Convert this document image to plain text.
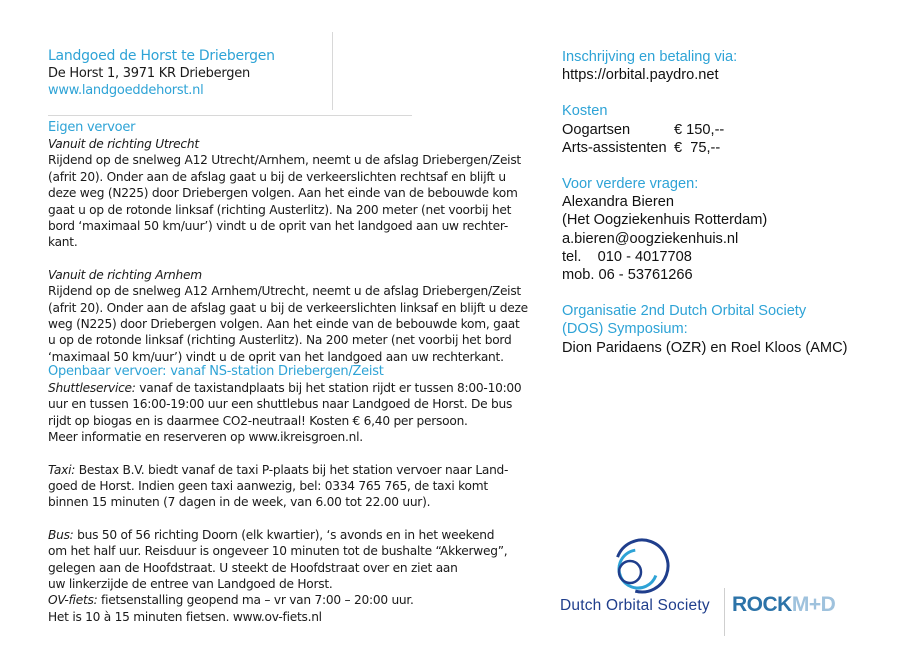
Landgoed de Horst te Driebergen
De Horst 1, 3971 KR Driebergen
www.landgoeddehorst.nl
Eigen vervoer
Vanuit de richting Utrecht
Rijdend op de snelweg A12 Utrecht/Arnhem, neemt u de afslag Driebergen/Zeist
(afrit 20). Onder aan de afslag gaat u bij de verkeerslichten rechtsaf en blijft u
deze weg (N225) door Driebergen volgen. Aan het einde van de bebouwde kom
gaat u op de rotonde linksaf (richting Austerlitz). Na 200 meter (net voorbij het
bord ‘maximaal 50 km/uur’) vindt u de oprit van het landgoed aan uw rechter-
kant.
Vanuit de richting Arnhem
Rijdend op de snelweg A12 Arnhem/Utrecht, neemt u de afslag Driebergen/Zeist
(afrit 20). Onder aan de afslag gaat u bij de verkeerslichten linksaf en blijft u deze
weg (N225) door Driebergen volgen. Aan het einde van de bebouwde kom, gaat
u op de rotonde linksaf (richting Austerlitz). Na 200 meter (net voorbij het bord
‘maximaal 50 km/uur’) vindt u de oprit van het landgoed aan uw rechterkant.
Openbaar vervoer: vanaf NS-station Driebergen/Zeist
Shuttleservice: vanaf de taxistandplaats bij het station rijdt er tussen 8:00-10:00
uur en tussen 16:00-19:00 uur een shuttlebus naar Landgoed de Horst. De bus
rijdt op biogas en is daarmee CO2-neutraal! Kosten € 6,40 per persoon.
Meer informatie en reserveren op www.ikreisgroen.nl.
Taxi: Bestax B.V. biedt vanaf de taxi P-plaats bij het station vervoer naar Land-
goed de Horst. Indien geen taxi aanwezig, bel: 0334 765 765, de taxi komt
binnen 15 minuten (7 dagen in de week, van 6.00 tot 22.00 uur).
Bus: bus 50 of 56 richting Doorn (elk kwartier), ‘s avonds en in het weekend
om het half uur. Reisduur is ongeveer 10 minuten tot de bushalte “Akkerweg”,
gelegen aan de Hoofdstraat. U steekt de Hoofdstraat over en ziet aan
uw linkerzijde de entree van Landgoed de Horst.
OV-fiets: fietsenstalling geopend ma – vr van 7:00 – 20:00 uur.
Het is 10 à 15 minuten fietsen. www.ov-fiets.nl
Inschrijving en betaling via:
https://orbital.paydro.net
Kosten
Oogartsen	€ 150,--
Arts-assistenten €  75,--
Voor verdere vragen:
Alexandra Bieren
(Het Oogziekenhuis Rotterdam)
a.bieren@oogziekenhuis.nl
tel.    010 - 4017708
mob. 06 - 53761266
Organisatie 2nd Dutch Orbital Society
(DOS) Symposium:
Dion Paridaens (OZR) en Roel Kloos (AMC)
Dutch Orbital Society ROCKM+D
